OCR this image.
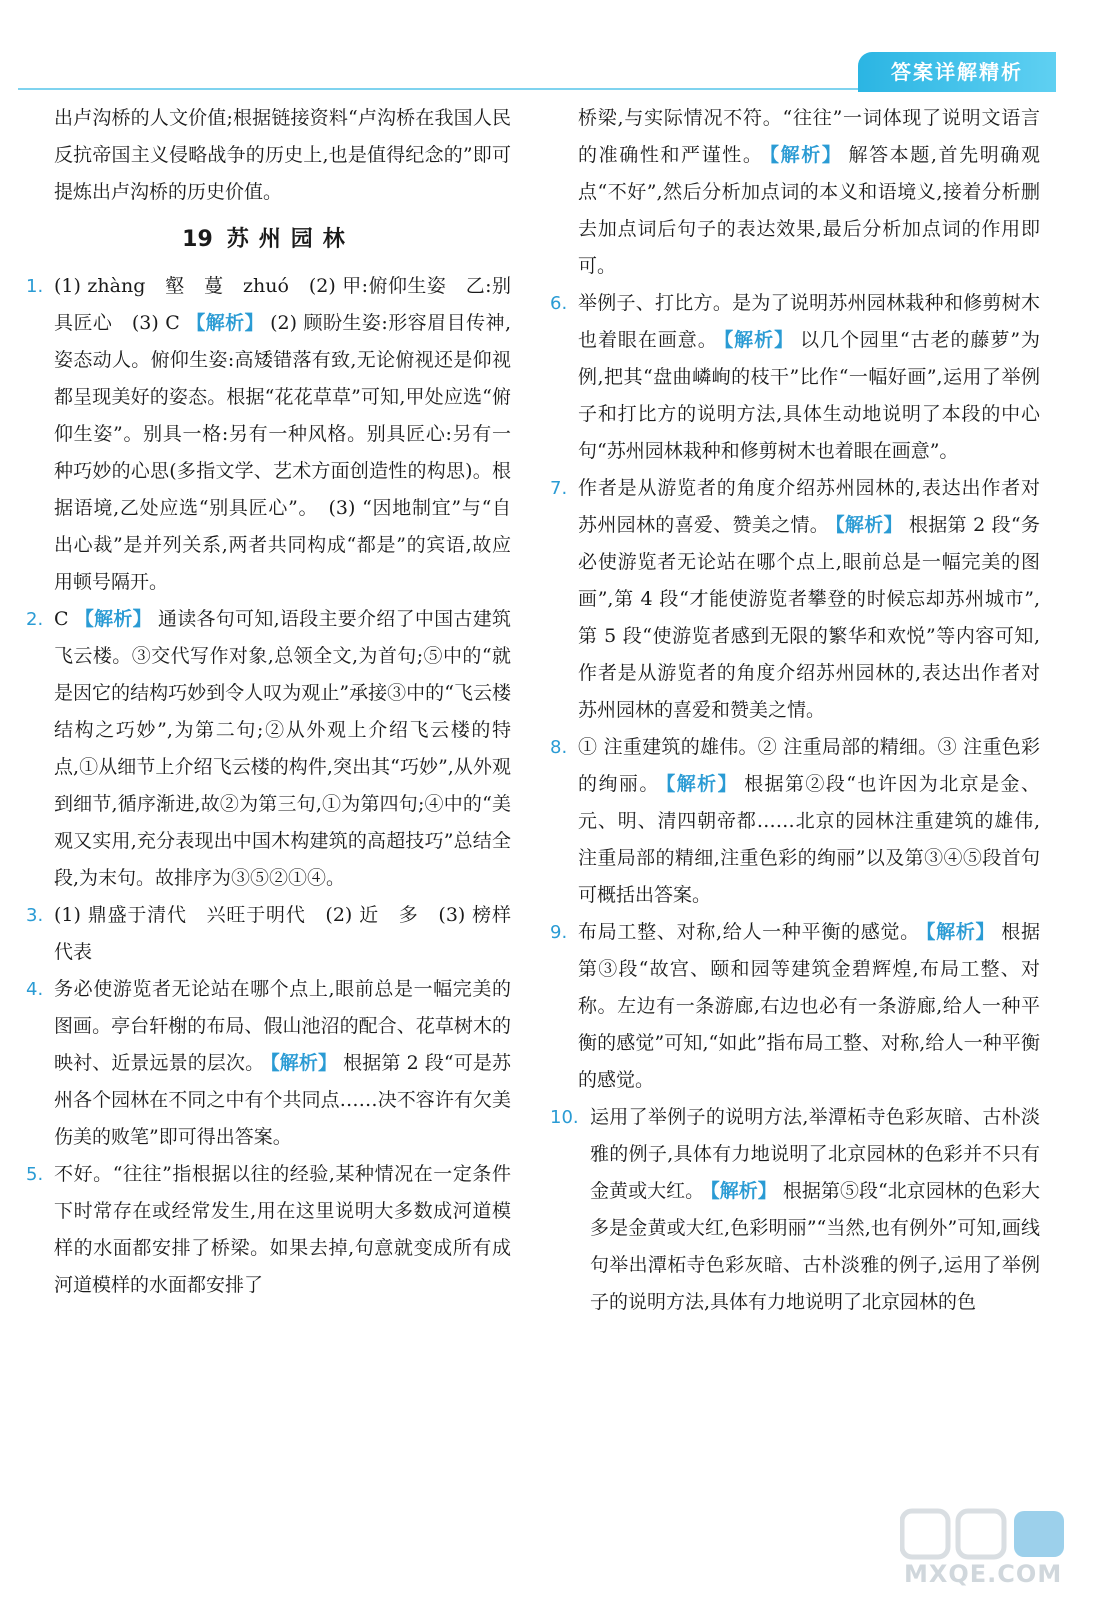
答案详解精析

出卢沟桥的人文价值;根据链接资料“卢沟桥在我国人民反抗帝国主义侵略战争的历史上,也是值得纪念的”即可提炼出卢沟桥的历史价值。

19 苏州园林
1. (1) zhàng　壑　蔓　zhuó　(2) 甲:俯仰生姿　乙:别具匠心　(3) C 【解析】 (2) 顾盼生姿:形容眉目传神,姿态动人。俯仰生姿:高矮错落有致,无论俯视还是仰视都呈现美好的姿态。根据“花花草草”可知,甲处应选“俯仰生姿”。别具一格:另有一种风格。别具匠心:另有一种巧妙的心思(多指文学、艺术方面创造性的构思)。根据语境,乙处应选“别具匠心”。　(3) “因地制宜”与“自出心裁”是并列关系,两者共同构成“都是”的宾语,故应用顿号隔开。
2. C 【解析】 通读各句可知,语段主要介绍了中国古建筑飞云楼。③交代写作对象,总领全文,为首句;⑤中的“就是因它的结构巧妙到令人叹为观止”承接③中的“飞云楼结构之巧妙”,为第二句;②从外观上介绍飞云楼的特点,①从细节上介绍飞云楼的构件,突出其“巧妙”,从外观到细节,循序渐进,故②为第三句,①为第四句;④中的“美观又实用,充分表现出中国木构建筑的高超技巧”总结全段,为末句。故排序为③⑤②①④。
3. (1) 鼎盛于清代　兴旺于明代　(2) 近　多　(3) 榜样　代表
4. 务必使游览者无论站在哪个点上,眼前总是一幅完美的图画。亭台轩榭的布局、假山池沼的配合、花草树木的映衬、近景远景的层次。 【解析】 根据第 2 段“可是苏州各个园林在不同之中有个共同点……决不容许有欠美伤美的败笔”即可得出答案。
5. 不好。“往往”指根据以往的经验,某种情况在一定条件下时常存在或经常发生,用在这里说明大多数成河道模样的水面都安排了桥梁。如果去掉,句意就变成所有成河道模样的水面都安排了

桥梁,与实际情况不符。“往往”一词体现了说明文语言的准确性和严谨性。 【解析】 解答本题,首先明确观点“不好”,然后分析加点词的本义和语境义,接着分析删去加点词后句子的表达效果,最后分析加点词的作用即可。

6. 举例子、打比方。是为了说明苏州园林栽种和修剪树木也着眼在画意。 【解析】 以几个园里“古老的藤萝”为例,把其“盘曲嶙峋的枝干”比作“一幅好画”,运用了举例子和打比方的说明方法,具体生动地说明了本段的中心句“苏州园林栽种和修剪树木也着眼在画意”。
7. 作者是从游览者的角度介绍苏州园林的,表达出作者对苏州园林的喜爱、赞美之情。 【解析】 根据第 2 段“务必使游览者无论站在哪个点上,眼前总是一幅完美的图画”,第 4 段“才能使游览者攀登的时候忘却苏州城市”,第 5 段“使游览者感到无限的繁华和欢悦”等内容可知,作者是从游览者的角度介绍苏州园林的,表达出作者对苏州园林的喜爱和赞美之情。
8. ① 注重建筑的雄伟。② 注重局部的精细。③ 注重色彩的绚丽。 【解析】 根据第②段“也许因为北京是金、元、明、清四朝帝都……北京的园林注重建筑的雄伟,注重局部的精细,注重色彩的绚丽”以及第③④⑤段首句可概括出答案。
9. 布局工整、对称,给人一种平衡的感觉。 【解析】 根据第③段“故宫、颐和园等建筑金碧辉煌,布局工整、对称。左边有一条游廊,右边也必有一条游廊,给人一种平衡的感觉”可知,“如此”指布局工整、对称,给人一种平衡的感觉。
10. 运用了举例子的说明方法,举潭柘寺色彩灰暗、古朴淡雅的例子,具体有力地说明了北京园林的色彩并不只有金黄或大红。 【解析】 根据第⑤段“北京园林的色彩大多是金黄或大红,色彩明丽”“当然,也有例外”可知,画线句举出潭柘寺色彩灰暗、古朴淡雅的例子,运用了举例子的说明方法,具体有力地说明了北京园林的色
MXQE.COM
